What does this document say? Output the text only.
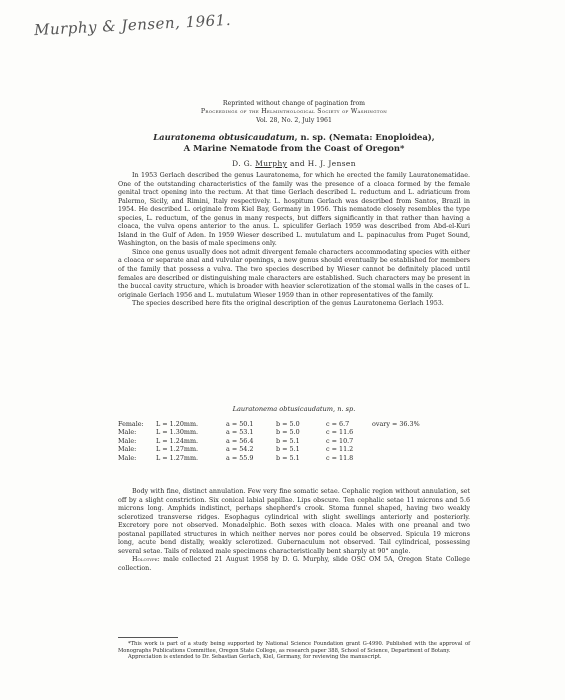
Murphy & Jensen, 1961.
Reprinted without change of pagination from
Proceedings of the Helminthological Society of Washington
Vol. 28, No. 2, July 1961
Lauratonema obtusicaudatum, n. sp. (Nemata: Enoploidea),
A Marine Nematode from the Coast of Oregon*
D. G. Murphy and H. J. Jensen

In 1953 Gerlach described the genus Lauratonema, for which he erected the family Lauratonematidae. One of the outstanding characteristics of the family was the presence of a cloaca formed by the female genital tract opening into the rectum. At that time Gerlach described L. reductum and L. adriaticum from Palermo, Sicily, and Rimini, Italy respectively. L. hospitum Gerlach was described from Santos, Brazil in 1954. He described L. originale from Kiel Bay, Germany in 1956. This nematode closely resembles the type species, L. reductum, of the genus in many respects, but differs significantly in that rather than having a cloaca, the vulva opens anterior to the anus. L. spiculifer Gerlach 1959 was described from Abd-el-Kuri Island in the Gulf of Aden. In 1959 Wieser described L. mutulatum and L. papinaculus from Puget Sound, Washington, on the basis of male specimens only.

Since one genus usually does not admit divergent female characters accommodating species with either a cloaca or separate anal and vulvular openings, a new genus should eventually be established for members of the family that possess a vulva. The two species described by Wieser cannot be definitely placed until females are described or distinguishing male characters are established. Such characters may be present in the buccal cavity structure, which is broader with heavier sclerotization of the stomal walls in the cases of L. originale Gerlach 1956 and L. mutulatum Wieser 1959 than in other representatives of the family.

The species described here fits the original description of the genus Lauratonema Gerlach 1953.

Lauratonema obtusicaudatum, n. sp.
Female:	L = 1.20mm.	a = 50.1	b = 5.0	c = 6.7	ovary = 36.3%
Male:	L = 1.30mm.	a = 53.1	b = 5.0	c = 11.6
Male:	L = 1.24mm.	a = 56.4	b = 5.1	c = 10.7
Male:	L = 1.27mm.	a = 54.2	b = 5.1	c = 11.2
Male:	L = 1.27mm.	a = 55.9	b = 5.1	c = 11.8

Body with fine, distinct annulation. Few very fine somatic setae. Cephalic region without annulation, set off by a slight constriction. Six conical labial papillae. Lips obscure. Ten cephalic setae 11 microns and 5.6 microns long. Amphids indistinct, perhaps shepherd's crook. Stoma funnel shaped, having two weakly sclerotized transverse ridges. Esophagus cylindrical with slight swellings anteriorly and posteriorly. Excretory pore not observed. Monadelphic. Both sexes with cloaca. Males with one preanal and two postanal papillated structures in which neither nerves nor pores could be observed. Spicula 19 microns long, acute bend distally, weakly sclerotized. Gubernaculum not observed. Tail cylindrical, possessing several setae. Tails of relaxed male specimens characteristically bent sharply at 90° angle.

Holotype: male collected 21 August 1958 by D. G. Murphy, slide OSC OM 5A, Oregon State College collection.

*This work is part of a study being supported by National Science Foundation grant G-4990. Published with the approval of Monographs Publications Committee, Oregon State College, as research paper 388, School of Science, Department of Botany.

Appreciation is extended to Dr. Sebastian Gerlach, Kiel, Germany, for reviewing the manuscript.
